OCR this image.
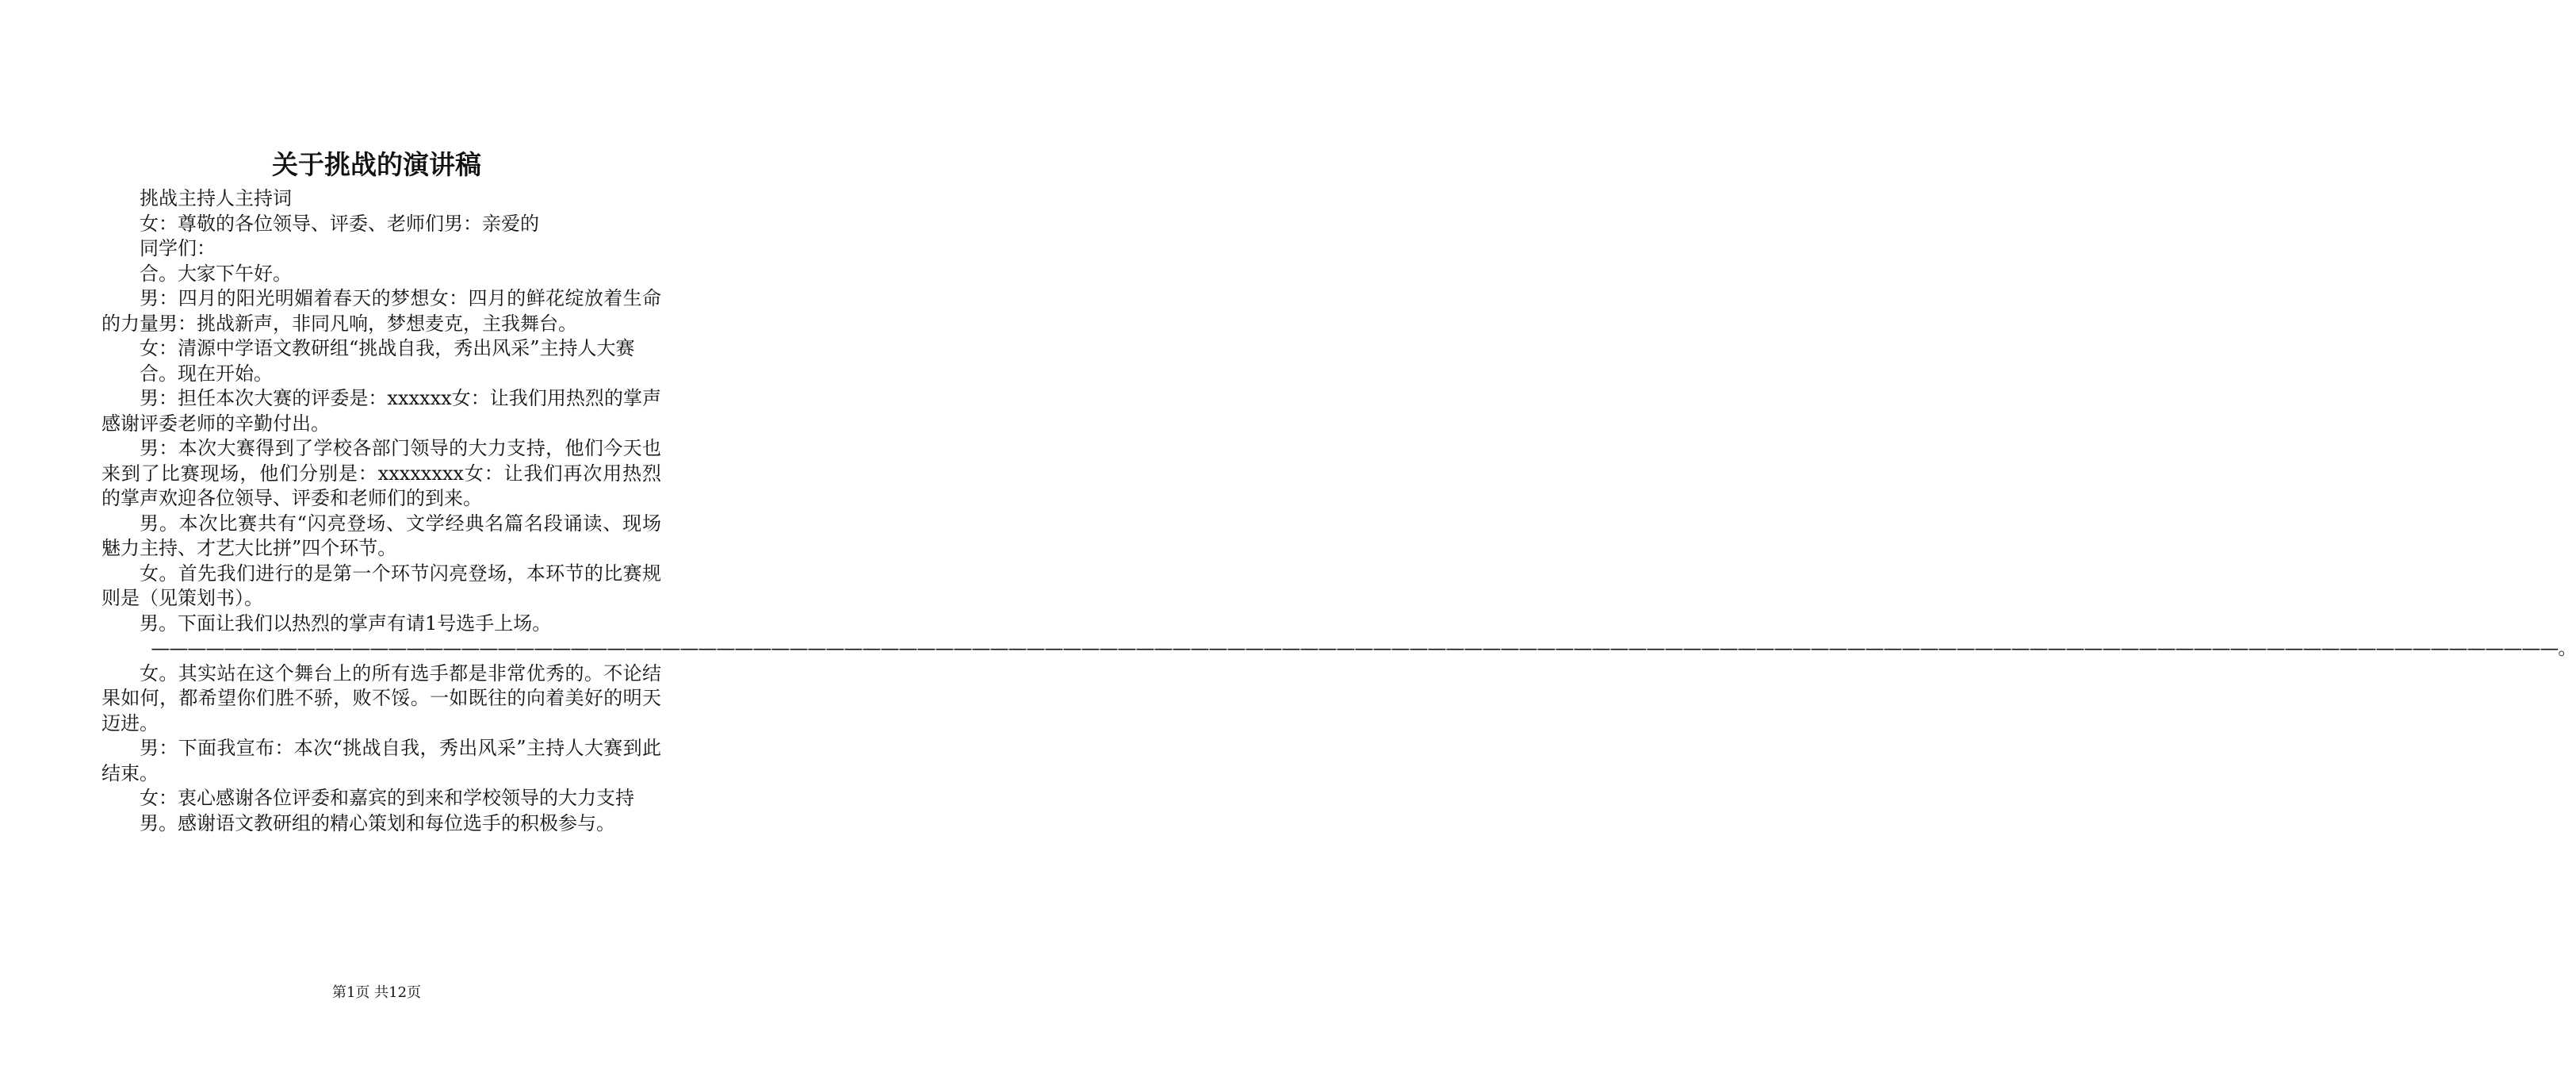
关于挑战的演讲稿

挑战主持人主持词

女：尊敬的各位领导、评委、老师们男：亲爱的

同学们：

合。大家下午好。

男：四月的阳光明媚着春天的梦想女：四月的鲜花绽放着生命的力量男：挑战新声，非同凡响，梦想麦克，主我舞台。

女：清源中学语文教研组“挑战自我，秀出风采”主持人大赛

合。现在开始。

男：担任本次大赛的评委是：xxxxxx女：让我们用热烈的掌声感谢评委老师的辛勤付出。

男：本次大赛得到了学校各部门领导的大力支持，他们今天也来到了比赛现场，他们分别是：xxxxxxxx女：让我们再次用热烈的掌声欢迎各位领导、评委和老师们的到来。

男。本次比赛共有“闪亮登场、文学经典名篇名段诵读、现场魅力主持、才艺大比拼”四个环节。

女。首先我们进行的是第一个环节闪亮登场，本环节的比赛规则是（见策划书）。

男。下面让我们以热烈的掌声有请1号选手上场。

————————————————————————————————————————————————————————————————————————————————————————————————————————————————————————————————————。

女。其实站在这个舞台上的所有选手都是非常优秀的。不论结果如何，都希望你们胜不骄，败不馁。一如既往的向着美好的明天迈进。

男：下面我宣布：本次“挑战自我，秀出风采”主持人大赛到此结束。

女：衷心感谢各位评委和嘉宾的到来和学校领导的大力支持

男。感谢语文教研组的精心策划和每位选手的积极参与。

第1页 共12页
